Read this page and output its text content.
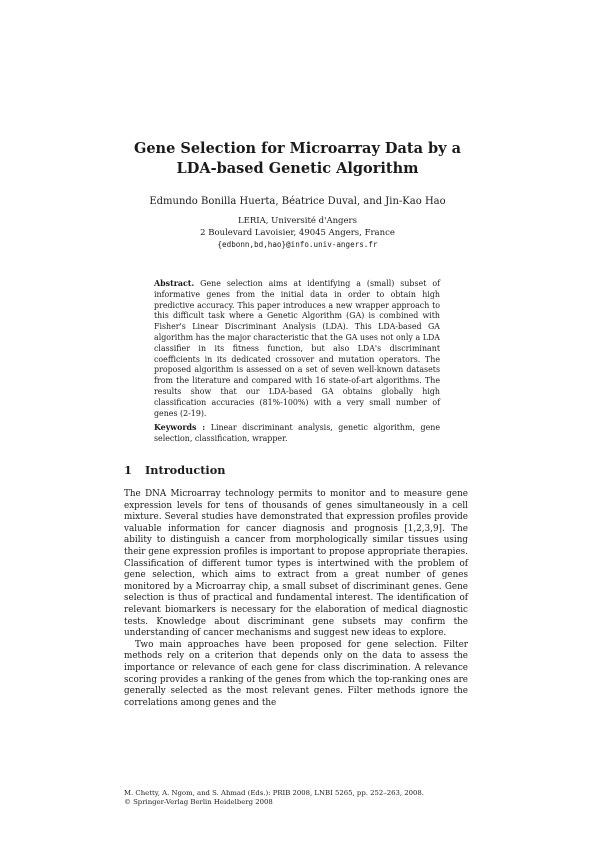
Gene Selection for Microarray Data by a
LDA-based Genetic Algorithm
Edmundo Bonilla Huerta, Béatrice Duval, and Jin-Kao Hao
LERIA, Université d'Angers
2 Boulevard Lavoisier, 49045 Angers, France
{edbonn,bd,hao}@info.univ-angers.fr
Abstract. Gene selection aims at identifying a (small) subset of informative genes from the initial data in order to obtain high predictive accuracy. This paper introduces a new wrapper approach to this difficult task where a Genetic Algorithm (GA) is combined with Fisher's Linear Discriminant Analysis (LDA). This LDA-based GA algorithm has the major characteristic that the GA uses not only a LDA classifier in its fitness function, but also LDA's discriminant coefficients in its dedicated crossover and mutation operators. The proposed algorithm is assessed on a set of seven well-known datasets from the literature and compared with 16 state-of-art algorithms. The results show that our LDA-based GA obtains globally high classification accuracies (81%-100%) with a very small number of genes (2-19).
Keywords : Linear discriminant analysis, genetic algorithm, gene selection, classification, wrapper.
1 Introduction

The DNA Microarray technology permits to monitor and to measure gene expression levels for tens of thousands of genes simultaneously in a cell mixture. Several studies have demonstrated that expression profiles provide valuable information for cancer diagnosis and prognosis [1,2,3,9]. The ability to distinguish a cancer from morphologically similar tissues using their gene expression profiles is important to propose appropriate therapies. Classification of different tumor types is intertwined with the problem of gene selection, which aims to extract from a great number of genes monitored by a Microarray chip, a small subset of discriminant genes. Gene selection is thus of practical and fundamental interest. The identification of relevant biomarkers is necessary for the elaboration of medical diagnostic tests. Knowledge about discriminant gene subsets may confirm the understanding of cancer mechanisms and suggest new ideas to explore.

Two main approaches have been proposed for gene selection. Filter methods rely on a criterion that depends only on the data to assess the importance or relevance of each gene for class discrimination. A relevance scoring provides a ranking of the genes from which the top-ranking ones are generally selected as the most relevant genes. Filter methods ignore the correlations among genes and the

M. Chetty, A. Ngom, and S. Ahmad (Eds.): PRIB 2008, LNBI 5265, pp. 252–263, 2008.
© Springer-Verlag Berlin Heidelberg 2008
